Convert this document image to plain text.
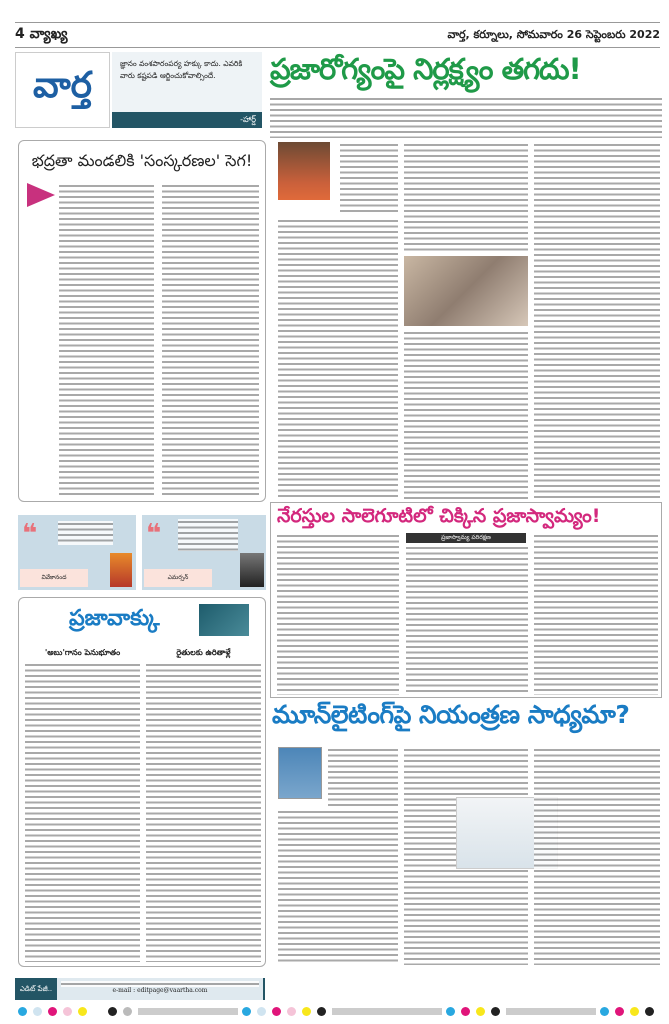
4 వ్యాఖ్య	వార్త, కర్నూలు, సోమవారం 26 సెప్టెంబరు 2022
వార్త
జ్ఞానం వంశపారంపర్య హక్కు కాదు. ఎవరికి వారు కష్టపడి ఆర్జించుకోవాల్సిందే.
-హార్డ్
ప్రజారోగ్యంపై నిర్లక్ష్యం తగదు!
భద్రతా మండలికి 'సంస్కరణల' సెగ!
❝
వివేకానంద
❝
ఎమర్సన్
నేరస్తుల సాలెగూటిలో చిక్కిన ప్రజాస్వామ్యం!
ప్రజాస్వామ్య పరిరక్షణ
ప్రజావాక్కు
'అబు'గానం పెనుభూతం	రైతులకు ఉరితాళ్లే
మూన్‌లైటింగ్‌పై నియంత్రణ సాధ్యమా?
ఎడిట్ పేజీ..	e-mail : editpage@vaartha.com
